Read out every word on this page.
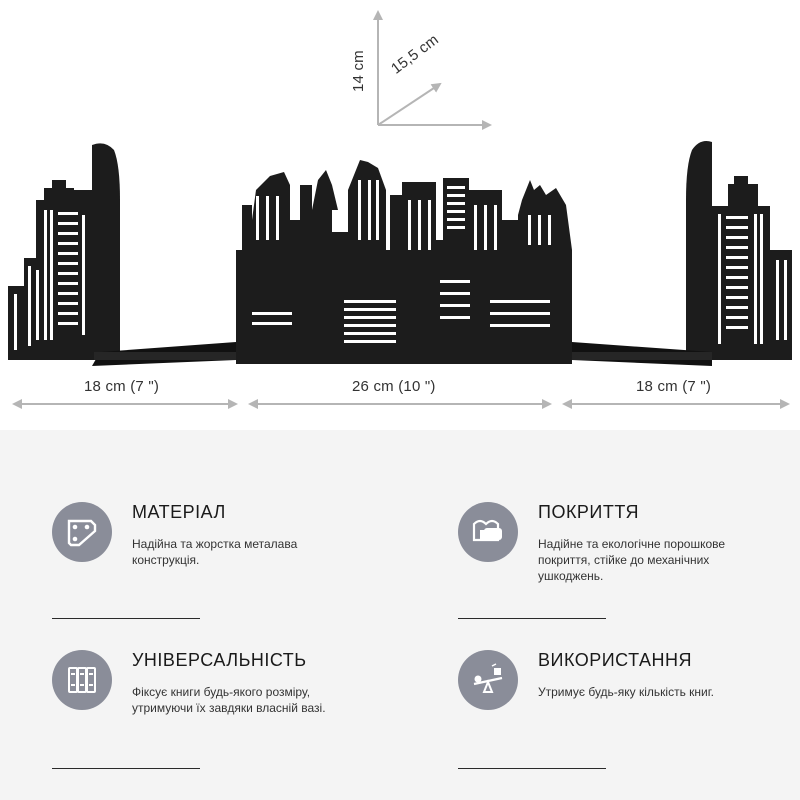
14 cm 15,5 cm
18 cm (7 ")	26 cm (10 ")	18 cm (7 ")
МАТЕРІАЛ
Надійна та жорстка металава
конструкція.
ПОКРИТТЯ
Надійне та екологічне порошкове
покриття, стійке до механічних
ушкоджень.
УНІВЕРСАЛЬНІСТЬ
Фіксує книги будь-якого розміру,
утримуючи їх завдяки власній вазі.
ВИКОРИСТАННЯ
Утримує будь-яку кількість книг.
